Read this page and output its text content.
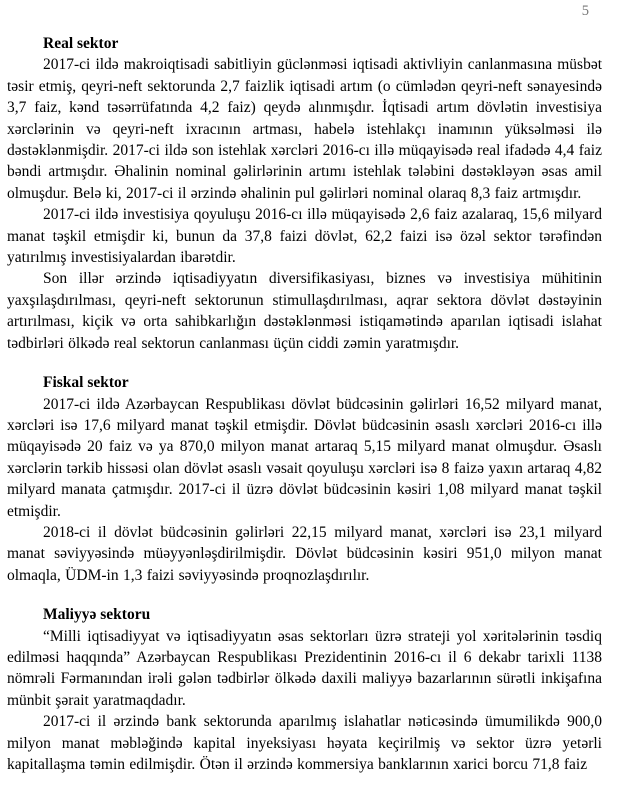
5
Real sektor

2017-ci ildə makroiqtisadi sabitliyin güclənməsi iqtisadi aktivliyin canlanmasına müsbət təsir etmiş, qeyri-neft sektorunda 2,7 faizlik iqtisadi artım (o cümlədən qeyri-neft sənayesində 3,7 faiz, kənd təsərrüfatında 4,2 faiz) qeydə alınmışdır. İqtisadi artım dövlətin investisiya xərclərinin və qeyri-neft ixracının artması, habelə istehlakçı inamının yüksəlməsi ilə dəstəklənmişdir. 2017-ci ildə son istehlak xərcləri 2016-cı illə müqayisədə real ifadədə 4,4 faiz bəndi artmışdır. Əhalinin nominal gəlirlərinin artımı istehlak tələbini dəstəkləyən əsas amil olmuşdur. Belə ki, 2017-ci il ərzində əhalinin pul gəlirləri nominal olaraq 8,3 faiz artmışdır.

2017-ci ildə investisiya qoyuluşu 2016-cı illə müqayisədə 2,6 faiz azalaraq, 15,6 milyard manat təşkil etmişdir ki, bunun da 37,8 faizi dövlət, 62,2 faizi isə özəl sektor tərəfindən yatırılmış investisiyalardan ibarətdir.

Son illər ərzində iqtisadiyyatın diversifikasiyası, biznes və investisiya mühitinin yaxşılaşdırılması, qeyri-neft sektorunun stimullaşdırılması, aqrar sektora dövlət dəstəyinin artırılması, kiçik və orta sahibkarlığın dəstəklənməsi istiqamətində aparılan iqtisadi islahat tədbirləri ölkədə real sektorun canlanması üçün ciddi zəmin yaratmışdır.

Fiskal sektor

2017-ci ildə Azərbaycan Respublikası dövlət büdcəsinin gəlirləri 16,52 milyard manat, xərcləri isə 17,6 milyard manat təşkil etmişdir. Dövlət büdcəsinin əsaslı xərcləri 2016-cı illə müqayisədə 20 faiz və ya 870,0 milyon manat artaraq 5,15 milyard manat olmuşdur. Əsaslı xərclərin tərkib hissəsi olan dövlət əsaslı vəsait qoyuluşu xərcləri isə 8 faizə yaxın artaraq 4,82 milyard manata çatmışdır. 2017-ci il üzrə dövlət büdcəsinin kəsiri 1,08 milyard manat təşkil etmişdir.

2018-ci il dövlət büdcəsinin gəlirləri 22,15 milyard manat, xərcləri isə 23,1 milyard manat səviyyəsində müəyyənləşdirilmişdir. Dövlət büdcəsinin kəsiri 951,0 milyon manat olmaqla, ÜDM-in 1,3 faizi səviyyəsində proqnozlaşdırılır.

Maliyyə sektoru

“Milli iqtisadiyyat və iqtisadiyyatın əsas sektorları üzrə strateji yol xəritələrinin təsdiq edilməsi haqqında” Azərbaycan Respublikası Prezidentinin 2016-cı il 6 dekabr tarixli 1138 nömrəli Fərmanından irəli gələn tədbirlər ölkədə daxili maliyyə bazarlarının sürətli inkişafına münbit şərait yaratmaqdadır.

2017-ci il ərzində bank sektorunda aparılmış islahatlar nəticəsində ümumilikdə 900,0 milyon manat məbləğində kapital inyeksiyası həyata keçirilmiş və sektor üzrə yetərli kapitallaşma təmin edilmişdir. Ötən il ərzində kommersiya banklarının xarici borcu 71,8 faiz
